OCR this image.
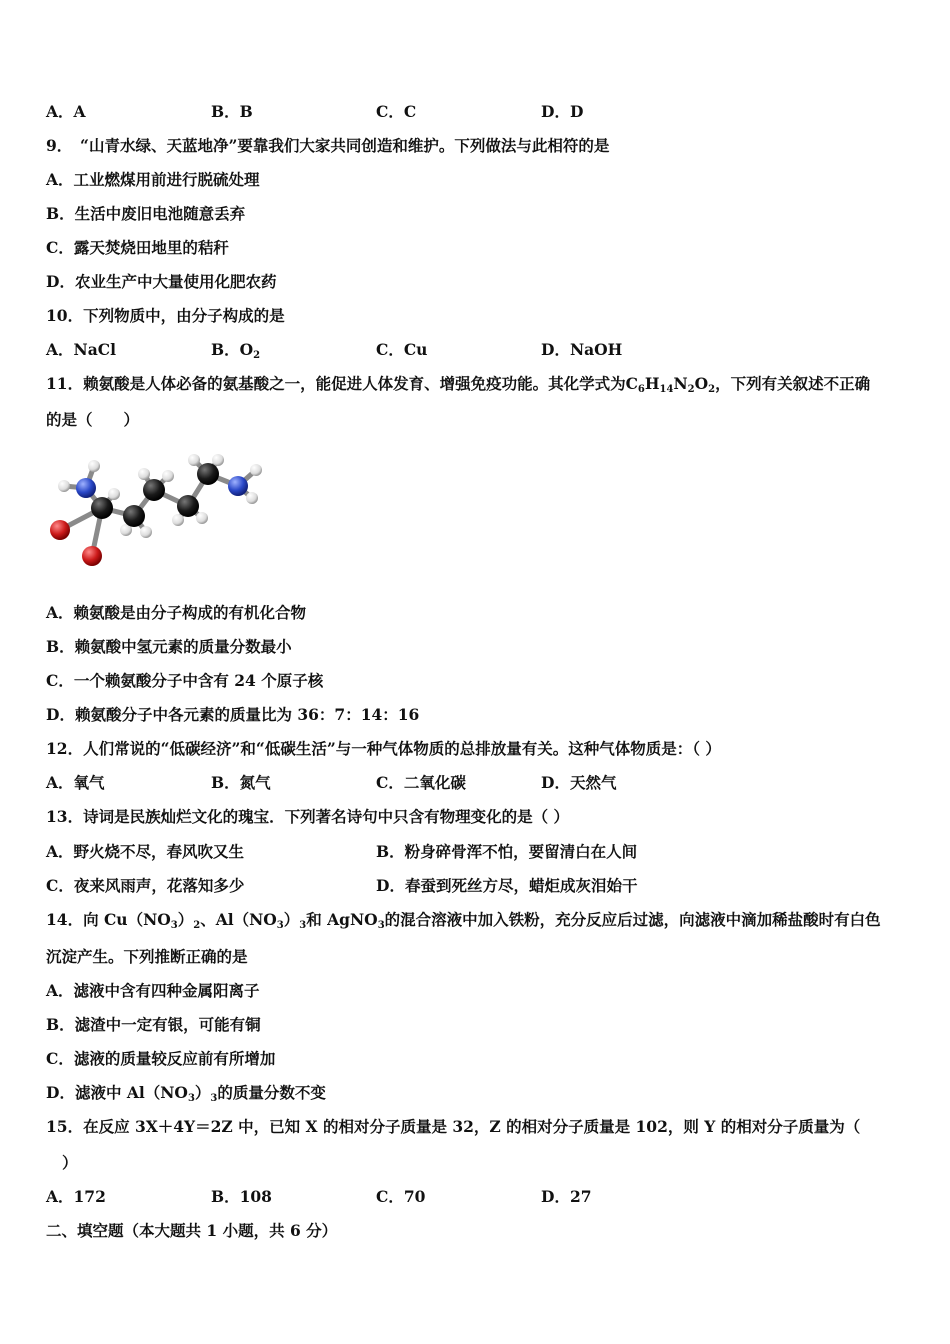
A．A	B．B	C．C	D．D
9．　“山青水绿、天蓝地净”要靠我们大家共同创造和维护。下列做法与此相符的是
A．工业燃煤用前进行脱硫处理
B．生活中废旧电池随意丢弃
C．露天焚烧田地里的秸秆
D．农业生产中大量使用化肥农药
10．下列物质中，由分子构成的是
A．NaCl	B．$O_2$	C．Cu	D．NaOH
11．赖氨酸是人体必备的氨基酸之一，能促进人体发育、增强免疫功能。其化学式为$C_6H_{14}N_2O_2$，下列有关叙述不正确
的是（　　）
A．赖氨酸是由分子构成的有机化合物
B．赖氨酸中氢元素的质量分数最小
C．一个赖氨酸分子中含有 24 个原子核
D．赖氨酸分子中各元素的质量比为 36：7：14：16
12．人们常说的“低碳经济”和“低碳生活”与一种气体物质的总排放量有关。这种气体物质是：（ ）
A．氧气	B．氮气	C．二氧化碳	D．天然气
13．诗词是民族灿烂文化的瑰宝．下列著名诗句中只含有物理变化的是（ ）
A．野火烧不尽，春风吹又生	B．粉身碎骨浑不怕，要留清白在人间
C．夜来风雨声，花落知多少	D．春蚕到死丝方尽，蜡炬成灰泪始干
14．向 $Cu(NO_3)_2$、$Al(NO_3)_3$和 AgNO$_3$的混合溶液中加入铁粉，充分反应后过滤，向滤液中滴加稀盐酸时有白色
沉淀产生。下列推断正确的是
A．滤液中含有四种金属阳离子
B．滤渣中一定有银，可能有铜
C．滤液的质量较反应前有所增加
D．滤液中 $Al(NO_3)_3$的质量分数不变
15．在反应 3X＋4Y＝2Z 中，已知 X 的相对分子质量是 32，Z 的相对分子质量是 102，则 Y 的相对分子质量为（
）
A．172	B．108	C．70	D．27
二、填空题（本大题共 1 小题，共 6 分）
